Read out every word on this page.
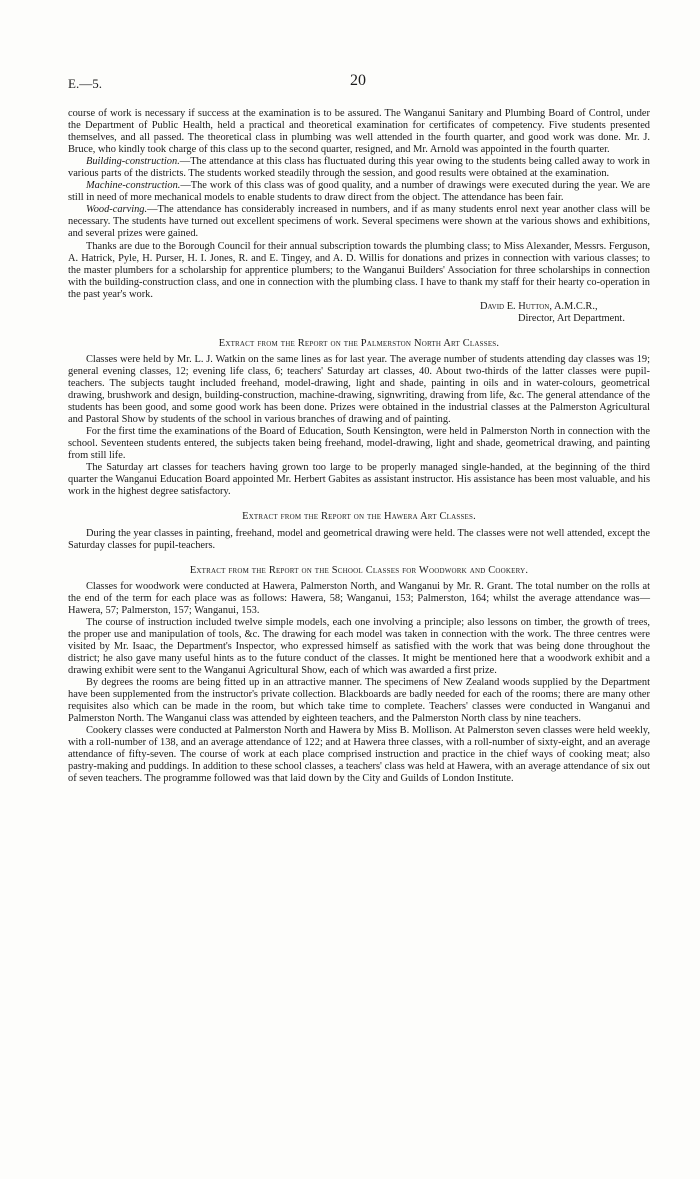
E.—5.	20

course of work is necessary if success at the examination is to be assured. The Wanganui Sanitary and Plumbing Board of Control, under the Department of Public Health, held a practical and theoretical examination for certificates of competency. Five students presented themselves, and all passed. The theoretical class in plumbing was well attended in the fourth quarter, and good work was done. Mr. J. Bruce, who kindly took charge of this class up to the second quarter, resigned, and Mr. Arnold was appointed in the fourth quarter.

Building-construction.—The attendance at this class has fluctuated during this year owing to the students being called away to work in various parts of the districts. The students worked steadily through the session, and good results were obtained at the examination.

Machine-construction.—The work of this class was of good quality, and a number of drawings were executed during the year. We are still in need of more mechanical models to enable students to draw direct from the object. The attendance has been fair.

Wood-carving.—The attendance has considerably increased in numbers, and if as many students enrol next year another class will be necessary. The students have turned out excellent specimens of work. Several specimens were shown at the various shows and exhibitions, and several prizes were gained.

Thanks are due to the Borough Council for their annual subscription towards the plumbing class; to Miss Alexander, Messrs. Ferguson, A. Hatrick, Pyle, H. Purser, H. I. Jones, R. and E. Tingey, and A. D. Willis for donations and prizes in connection with various classes; to the master plumbers for a scholarship for apprentice plumbers; to the Wanganui Builders' Association for three scholarships in connection with the building-construction class, and one in connection with the plumbing class. I have to thank my staff for their hearty co-operation in the past year's work.

David E. Hutton, A.M.C.R.,
Director, Art Department.
Extract from the Report on the Palmerston North Art Classes.

Classes were held by Mr. L. J. Watkin on the same lines as for last year. The average number of students attending day classes was 19; general evening classes, 12; evening life class, 6; teachers' Saturday art classes, 40. About two-thirds of the latter classes were pupil-teachers. The subjects taught included freehand, model-drawing, light and shade, painting in oils and in water-colours, geometrical drawing, brushwork and design, building-construction, machine-drawing, signwriting, drawing from life, &c. The general attendance of the students has been good, and some good work has been done. Prizes were obtained in the industrial classes at the Palmerston Agricultural and Pastoral Show by students of the school in various branches of drawing and of painting.

For the first time the examinations of the Board of Education, South Kensington, were held in Palmerston North in connection with the school. Seventeen students entered, the subjects taken being freehand, model-drawing, light and shade, geometrical drawing, and painting from still life.

The Saturday art classes for teachers having grown too large to be properly managed single-handed, at the beginning of the third quarter the Wanganui Education Board appointed Mr. Herbert Gabites as assistant instructor. His assistance has been most valuable, and his work in the highest degree satisfactory.

Extract from the Report on the Hawera Art Classes.

During the year classes in painting, freehand, model and geometrical drawing were held. The classes were not well attended, except the Saturday classes for pupil-teachers.

Extract from the Report on the School Classes for Woodwork and Cookery.

Classes for woodwork were conducted at Hawera, Palmerston North, and Wanganui by Mr. R. Grant. The total number on the rolls at the end of the term for each place was as follows: Hawera, 58; Wanganui, 153; Palmerston, 164; whilst the average attendance was—Hawera, 57; Palmerston, 157; Wanganui, 153.

The course of instruction included twelve simple models, each one involving a principle; also lessons on timber, the growth of trees, the proper use and manipulation of tools, &c. The drawing for each model was taken in connection with the work. The three centres were visited by Mr. Isaac, the Department's Inspector, who expressed himself as satisfied with the work that was being done throughout the district; he also gave many useful hints as to the future conduct of the classes. It might be mentioned here that a woodwork exhibit and a drawing exhibit were sent to the Wanganui Agricultural Show, each of which was awarded a first prize.

By degrees the rooms are being fitted up in an attractive manner. The specimens of New Zealand woods supplied by the Department have been supplemented from the instructor's private collection. Blackboards are badly needed for each of the rooms; there are many other requisites also which can be made in the room, but which take time to complete. Teachers' classes were conducted in Wanganui and Palmerston North. The Wanganui class was attended by eighteen teachers, and the Palmerston North class by nine teachers.

Cookery classes were conducted at Palmerston North and Hawera by Miss B. Mollison. At Palmerston seven classes were held weekly, with a roll-number of 138, and an average attendance of 122; and at Hawera three classes, with a roll-number of sixty-eight, and an average attendance of fifty-seven. The course of work at each place comprised instruction and practice in the chief ways of cooking meat; also pastry-making and puddings. In addition to these school classes, a teachers' class was held at Hawera, with an average attendance of six out of seven teachers. The programme followed was that laid down by the City and Guilds of London Institute.
